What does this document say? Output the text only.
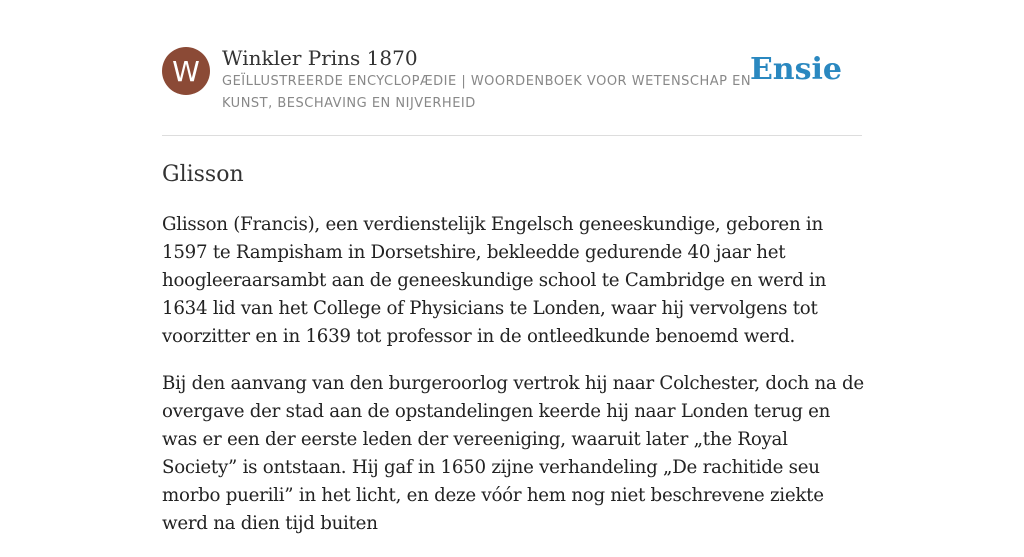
W	Winkler Prins 1870
GEÏLLUSTREERDE ENCYCLOPÆDIE | WOORDENBOEK VOOR WETENSCHAP EN KUNST, BESCHAVING EN NIJVERHEID
Ensie
Glisson

Glisson (Francis), een verdienstelijk Engelsch geneeskundige, geboren in 1597 te Rampisham in Dorsetshire, bekleedde gedurende 40 jaar het hoogleeraarsambt aan de geneeskundige school te Cambridge en werd in 1634 lid van het College of Physicians te Londen, waar hij vervolgens tot voorzitter en in 1639 tot professor in de ontleedkunde benoemd werd.

Bij den aanvang van den burgeroorlog vertrok hij naar Colchester, doch na de overgave der stad aan de opstandelingen keerde hij naar Londen terug en was er een der eerste leden der vereeniging, waaruit later „the Royal Society” is ontstaan. Hij gaf in 1650 zijne verhandeling „De rachitide seu morbo puerili” in het licht, en deze vóór hem nog niet beschrevene ziekte werd na dien tijd buiten
